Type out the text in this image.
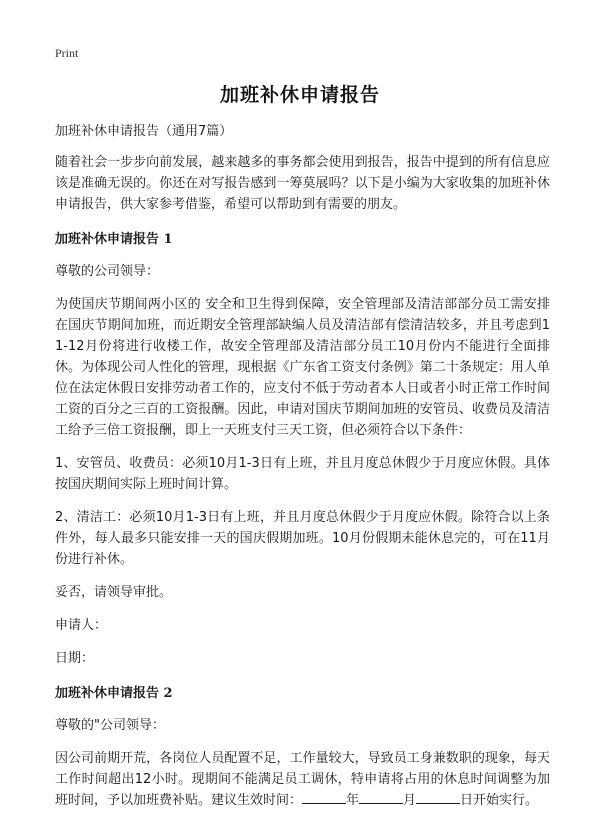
Print
加班补休申请报告
加班补休申请报告（通用7篇）
随着社会一步步向前发展，越来越多的事务都会使用到报告，报告中提到的所有信息应该是准确无误的。你还在对写报告感到一筹莫展吗？以下是小编为大家收集的加班补休申请报告，供大家参考借鉴，希望可以帮助到有需要的朋友。
加班补休申请报告 1
尊敬的公司领导：
为使国庆节期间两小区的 安全和卫生得到保障，安全管理部及清洁部部分员工需安排在国庆节期间加班，而近期安全管理部缺编人员及清洁部有偿清洁较多，并且考虑到11-12月份将进行收楼工作，故安全管理部及清洁部分员工10月份内不能进行全面排休。为体现公司人性化的管理，现根据《广东省工资支付条例》第二十条规定：用人单位在法定休假日安排劳动者工作的，应支付不低于劳动者本人日或者小时正常工作时间工资的百分之三百的工资报酬。因此，申请对国庆节期间加班的安管员、收费员及清洁工给予三倍工资报酬，即上一天班支付三天工资，但必须符合以下条件：
1、安管员、收费员：必须10月1-3日有上班，并且月度总休假少于月度应休假。具体按国庆期间实际上班时间计算。
2、清洁工：必须10月1-3日有上班，并且月度总休假少于月度应休假。除符合以上条件外，每人最多只能安排一天的国庆假期加班。10月份假期未能休息完的，可在11月份进行补休。
妥否，请领导审批。
申请人：
日期：
加班补休申请报告 2
尊敬的"公司领导：
因公司前期开荒，各岗位人员配置不足，工作量较大，导致员工身兼数职的现象，每天工作时间超出12小时。现期间不能满足员工调休，特申请将占用的休息时间调整为加班时间，予以加班费补贴。建议生效时间：	年	月	日开始实行。
